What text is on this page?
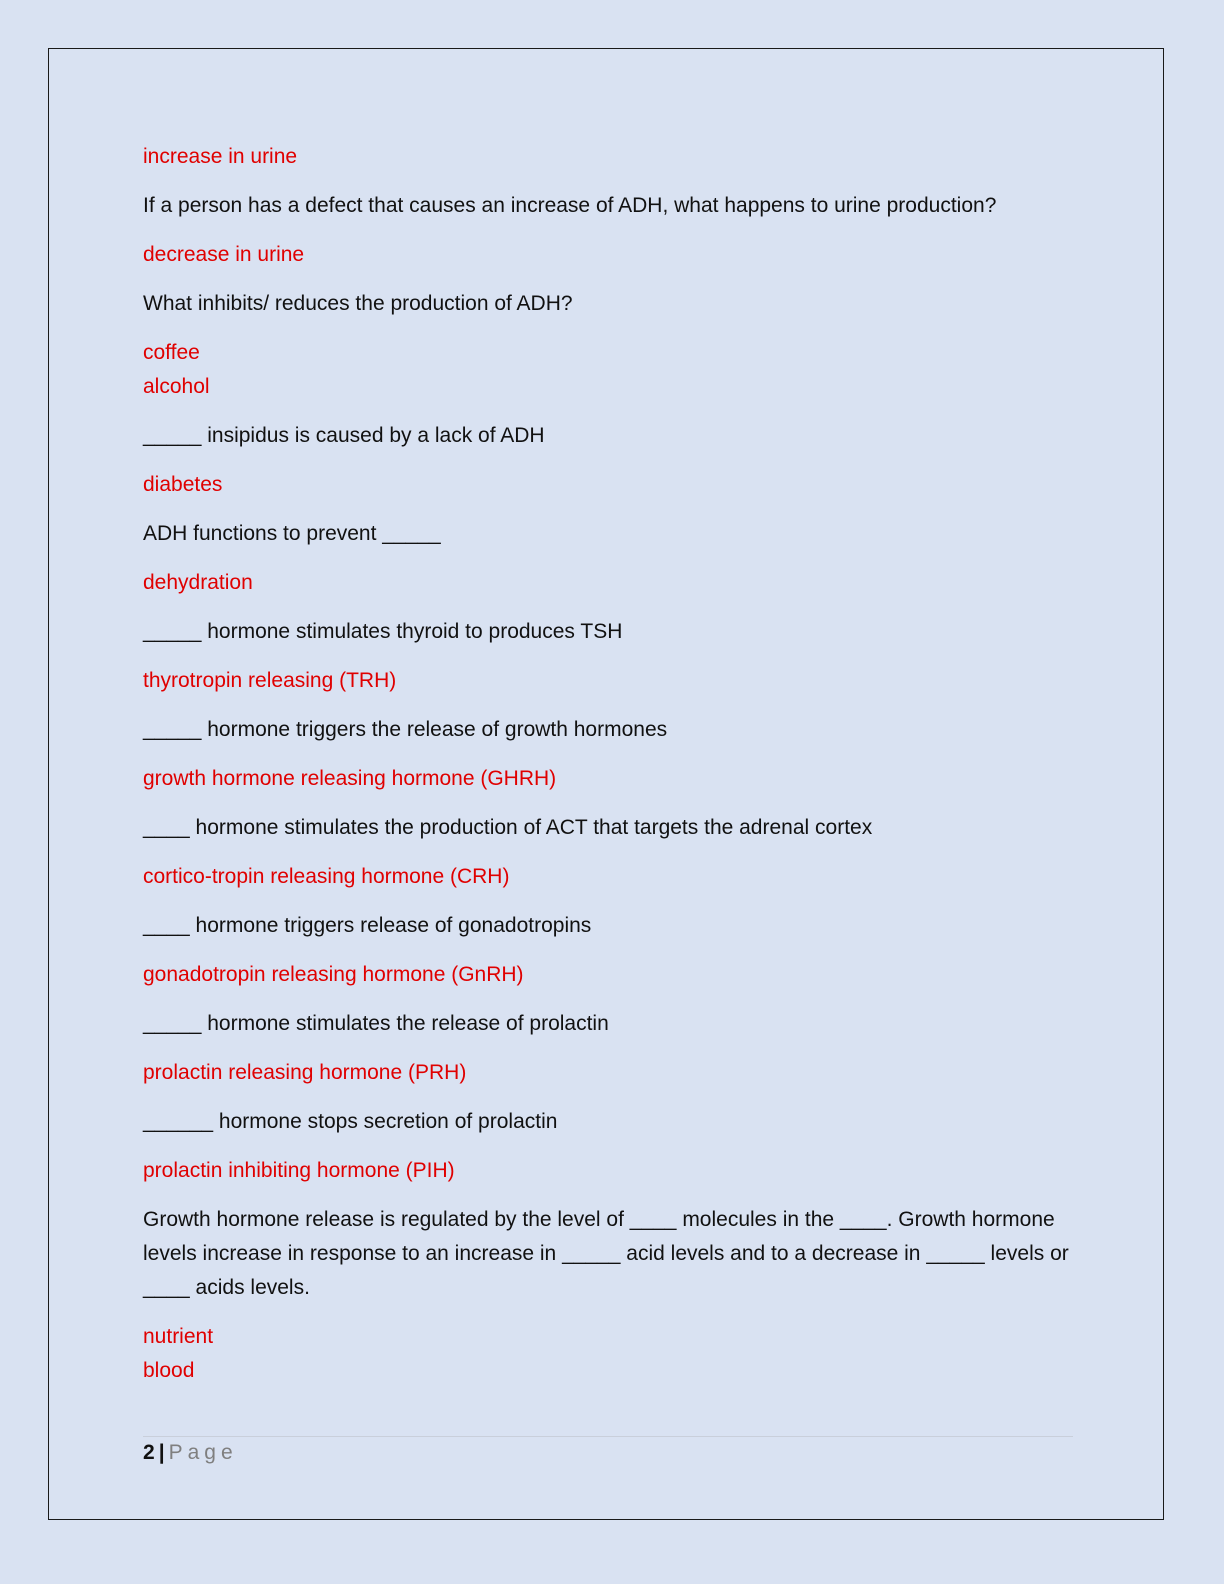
increase in urine
If a person has a defect that causes an increase of ADH, what happens to urine production?
decrease in urine
What inhibits/ reduces the production of ADH?
coffee
alcohol
_____ insipidus is caused by a lack of ADH
diabetes
ADH functions to prevent _____
dehydration
_____ hormone stimulates thyroid to produces TSH
thyrotropin releasing (TRH)
_____ hormone triggers the release of growth hormones
growth hormone releasing hormone (GHRH)
____ hormone stimulates the production of ACT that targets the adrenal cortex
cortico-tropin releasing hormone (CRH)
____ hormone triggers release of gonadotropins
gonadotropin releasing hormone (GnRH)
_____ hormone stimulates the release of prolactin
prolactin releasing hormone (PRH)
______ hormone stops secretion of prolactin
prolactin inhibiting hormone (PIH)
Growth hormone release is regulated by the level of ____ molecules in the ____. Growth hormone levels increase in response to an increase in _____ acid levels and to a decrease in _____ levels or ____ acids levels.
nutrient
blood
2 | Page
